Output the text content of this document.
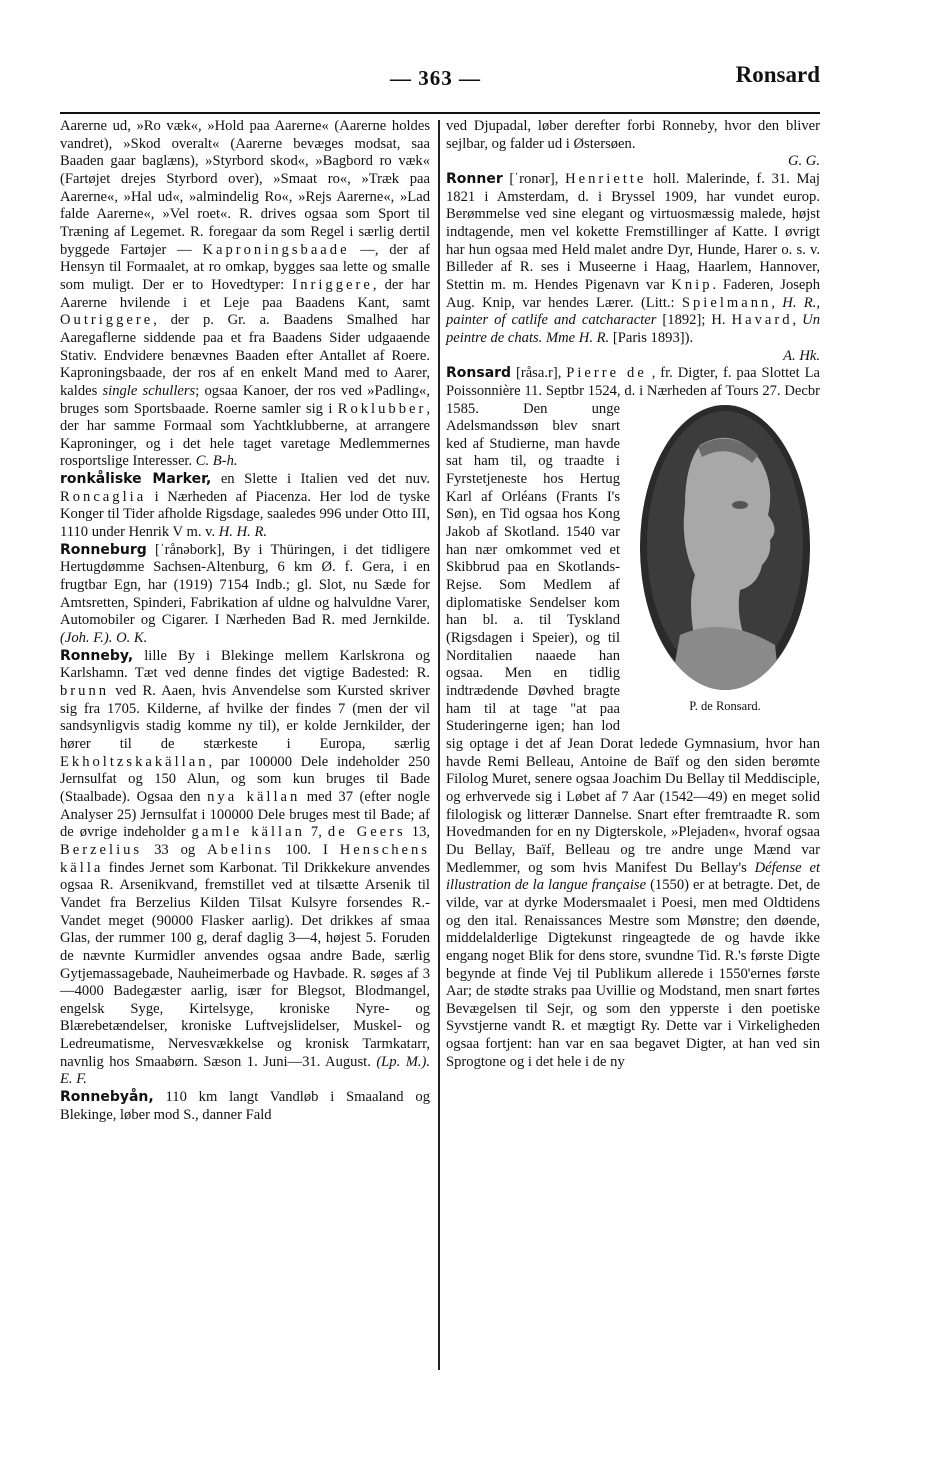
— 363 —	Ronsard

Aarerne ud, »Ro væk«, »Hold paa Aarerne« (Aarerne holdes vandret), »Skod overalt« (Aarerne bevæges modsat, saa Baaden gaar baglæns), »Styrbord skod«, »Bagbord ro væk« (Fartøjet drejes Styrbord over), »Smaat ro«, »Træk paa Aarerne«, »Hal ud«, »almindelig Ro«, »Rejs Aarerne«, »Lad falde Aarerne«, »Vel roet«. R. drives ogsaa som Sport til Træning af Legemet. R. foregaar da som Regel i særlig dertil byggede Fartøjer — Kaproningsbaade —, der af Hensyn til Formaalet, at ro omkap, bygges saa lette og smalle som muligt. Der er to Hovedtyper: Inriggere, der har Aarerne hvilende i et Leje paa Baadens Kant, samt Outriggere, der p. Gr. a. Baadens Smalhed har Aaregaflerne siddende paa et fra Baadens Sider udgaaende Stativ. Endvidere benævnes Baaden efter Antallet af Roere. Kaproningsbaade, der ros af en enkelt Mand med to Aarer, kaldes single schullers; ogsaa Kanoer, der ros ved »Padling«, bruges som Sportsbaade. Roerne samler sig i Roklubber, der har samme Formaal som Yachtklubberne, at arrangere Kaproninger, og i det hele taget varetage Medlemmernes rosportslige Interesser. C. B-h.

ronkåliske Marker, en Slette i Italien ved det nuv. Roncaglia i Nærheden af Piacenza. Her lod de tyske Konger til Tider afholde Rigsdage, saaledes 996 under Otto III, 1110 under Henrik V m. v. H. H. R.

Ronneburg [ˈrånəbork], By i Thüringen, i det tidligere Hertugdømme Sachsen-Altenburg, 6 km Ø. f. Gera, i en frugtbar Egn, har (1919) 7154 Indb.; gl. Slot, nu Sæde for Amtsretten, Spinderi, Fabrikation af uldne og halvuldne Varer, Automobiler og Cigarer. I Nærheden Bad R. med Jernkilde. (Joh. F.). O. K.

Ronneby, lille By i Blekinge mellem Karlskrona og Karlshamn. Tæt ved denne findes det vigtige Badested: R. brunn ved R. Aaen, hvis Anvendelse som Kursted skriver sig fra 1705. Kilderne, af hvilke der findes 7 (men der vil sandsynligvis stadig komme ny til), er kolde Jernkilder, der hører til de stærkeste i Europa, særlig Ekholtzskakällan, par 100000 Dele indeholder 250 Jernsulfat og 150 Alun, og som kun bruges til Bade (Staalbade). Ogsaa den nya källan med 37 (efter nogle Analyser 25) Jernsulfat i 100000 Dele bruges mest til Bade; af de øvrige indeholder gamle källan 7, de Geers 13, Berzelius 33 og Abelins 100. I Henschens källa findes Jernet som Karbonat. Til Drikkekure anvendes ogsaa R. Arsenikvand, fremstillet ved at tilsætte Arsenik til Vandet fra Berzelius Kilden Tilsat Kulsyre forsendes R.-Vandet meget (90000 Flasker aarlig). Det drikkes af smaa Glas, der rummer 100 g, deraf daglig 3—4, højest 5. Foruden de nævnte Kurmidler anvendes ogsaa andre Bade, særlig Gytjemassagebade, Nauheimerbade og Havbade. R. søges af 3—4000 Badegæster aarlig, især for Blegsot, Blodmangel, engelsk Syge, Kirtelsyge, kroniske Nyre- og Blærebetændelser, kroniske Luftvejslidelser, Muskel- og Ledreumatisme, Nervesvækkelse og kronisk Tarmkatarr, navnlig hos Smaabørn. Sæson 1. Juni—31. August. (Lp. M.). E. F.

Ronnebyån, 110 km langt Vandløb i Smaaland og Blekinge, løber mod S., danner Fald

ved Djupadal, løber derefter forbi Ronneby, hvor den bliver sejlbar, og falder ud i Østersøen.

G. G.

Ronner [ˈronər], Henriette holl. Malerinde, f. 31. Maj 1821 i Amsterdam, d. i Bryssel 1909, har vundet europ. Berømmelse ved sine elegant og virtuosmæssig malede, højst indtagende, men vel kokette Fremstillinger af Katte. I øvrigt har hun ogsaa med Held malet andre Dyr, Hunde, Harer o. s. v. Billeder af R. ses i Museerne i Haag, Haarlem, Hannover, Stettin m. m. Hendes Pigenavn var Knip. Faderen, Joseph Aug. Knip, var hendes Lærer. (Litt.: Spielmann, H. R., painter of catlife and catcharacter [1892]; H. Havard, Un peintre de chats. Mme H. R. [Paris 1893]).

A. Hk.

Ronsard [råsa.r], Pierre de , fr. Digter, f. paa Slottet La Poissonnière 11. Septbr 1524, d. i Nærheden af Tours 27. Decbr 1585. Den
P. de Ronsard.
unge Adelsmandssøn blev snart ked af Studierne, man havde sat ham til, og traadte i Fyrstetjeneste hos Hertug Karl af Orléans (Frants I's Søn), en Tid ogsaa hos Kong Jakob af Skotland. 1540 var han nær omkommet ved et Skibbrud paa en Skotlands-Rejse. Som Medlem af diplomatiske Sendelser kom han bl. a. til Tyskland (Rigsdagen i Speier), og til Norditalien naaede han ogsaa. Men en tidlig indtrædende Døvhed bragte ham til at tage "at paa Studeringerne igen; han lod sig optage i det af Jean Dorat ledede Gymnasium, hvor han havde Remi Belleau, Antoine de Baïf og den siden berømte Filolog Muret, senere ogsaa Joachim Du Bellay til Meddisciple, og erhvervede sig i Løbet af 7 Aar (1542—49) en meget solid filologisk og litterær Dannelse. Snart efter fremtraadte R. som Hovedmanden for en ny Digterskole, »Plejaden«, hvoraf ogsaa Du Bellay, Baïf, Belleau og tre andre unge Mænd var Medlemmer, og som hvis Manifest Du Bellay's Défense et illustration de la langue française (1550) er at betragte. Det, de vilde, var at dyrke Modersmaalet i Poesi, men med Oldtidens og den ital. Renaissances Mestre som Mønstre; den døende, middelalderlige Digtekunst ringeagtede de og havde ikke engang noget Blik for dens store, svundne Tid. R.'s første Digte begynde at finde Vej til Publikum allerede i 1550'ernes første Aar; de stødte straks paa Uvillie og Modstand, men snart førtes Bevægelsen til Sejr, og som den ypperste i den poetiske Syvstjerne vandt R. et mægtigt Ry. Dette var i Virkeligheden ogsaa fortjent: han var en saa begavet Digter, at han ved sin Sprogtone og i det hele i de ny
